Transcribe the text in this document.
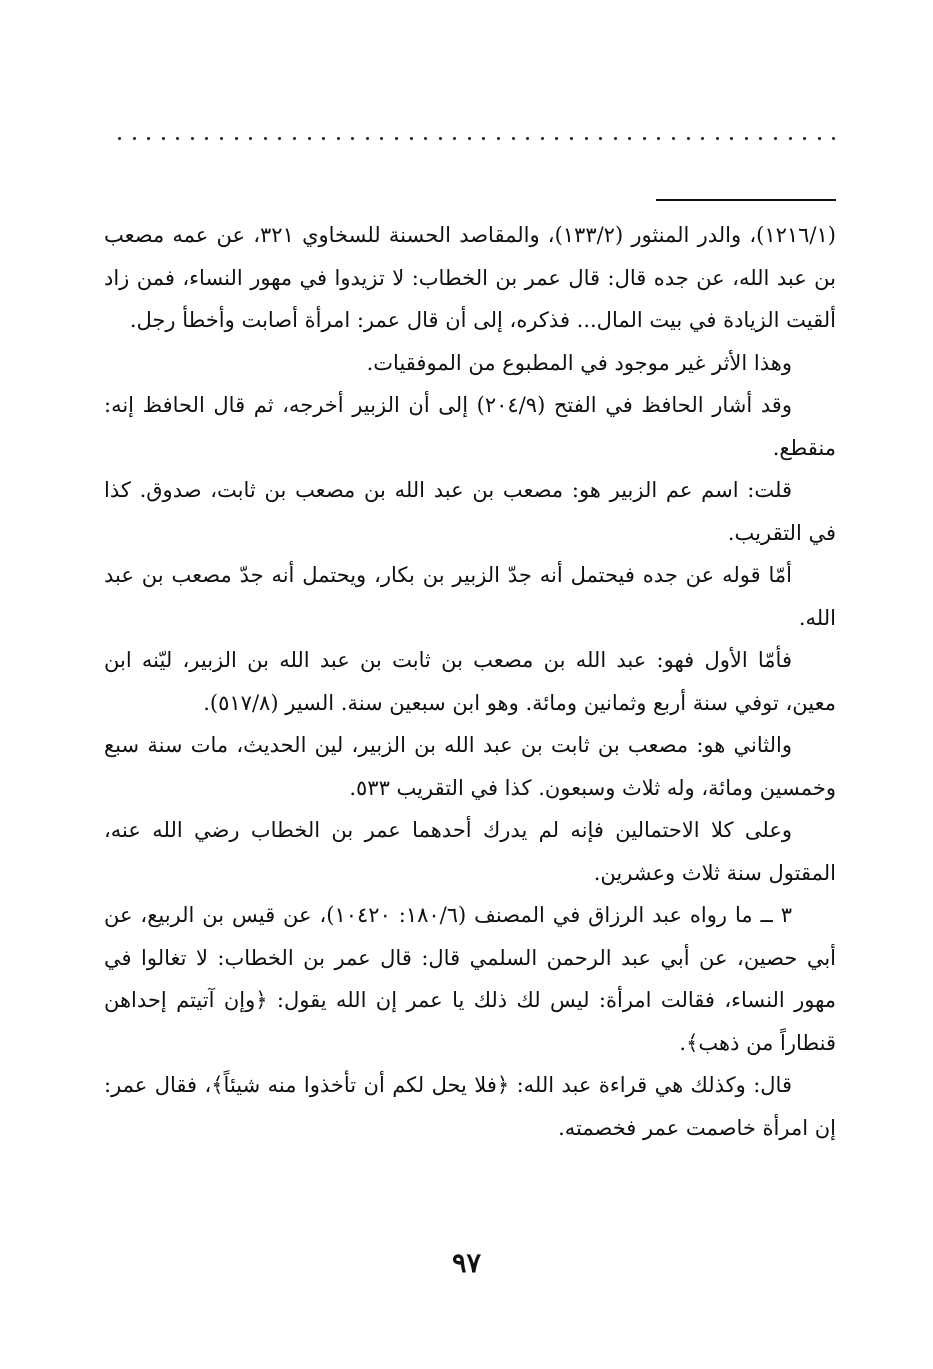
(١٢١٦/١)، والدر المنثور (١٣٣/٢)، والمقاصد الحسنة للسخاوي ٣٢١، عن عمه مصعب بن عبد الله، عن جده قال: قال عمر بن الخطاب: لا تزيدوا في مهور النساء، فمن زاد ألقيت الزيادة في بيت المال... فذكره، إلى أن قال عمر: امرأة أصابت وأخطأ رجل.

وهذا الأثر غير موجود في المطبوع من الموفقيات.

وقد أشار الحافظ في الفتح (٢٠٤/٩) إلى أن الزبير أخرجه، ثم قال الحافظ إنه: منقطع.

قلت: اسم عم الزبير هو: مصعب بن عبد الله بن مصعب بن ثابت، صدوق. كذا في التقريب.

أمّا قوله عن جده فيحتمل أنه جدّ الزبير بن بكار، ويحتمل أنه جدّ مصعب بن عبد الله.

فأمّا الأول فهو: عبد الله بن مصعب بن ثابت بن عبد الله بن الزبير، ليّنه ابن معين، توفي سنة أربع وثمانين ومائة. وهو ابن سبعين سنة. السير (٥١٧/٨).

والثاني هو: مصعب بن ثابت بن عبد الله بن الزبير، لين الحديث، مات سنة سبع وخمسين ومائة، وله ثلاث وسبعون. كذا في التقريب ٥٣٣.

وعلى كلا الاحتمالين فإنه لم يدرك أحدهما عمر بن الخطاب رضي الله عنه، المقتول سنة ثلاث وعشرين.

٣ ــ ما رواه عبد الرزاق في المصنف (١٨٠/٦: ١٠٤٢٠)، عن قيس بن الربيع، عن أبي حصين، عن أبي عبد الرحمن السلمي قال: قال عمر بن الخطاب: لا تغالوا في مهور النساء، فقالت امرأة: ليس لك ذلك يا عمر إن الله يقول: ﴿وإن آتيتم إحداهن قنطاراً من ذهب﴾.

قال: وكذلك هي قراءة عبد الله: ﴿فلا يحل لكم أن تأخذوا منه شيئاً﴾، فقال عمر: إن امرأة خاصمت عمر فخصمته.

٩٧
